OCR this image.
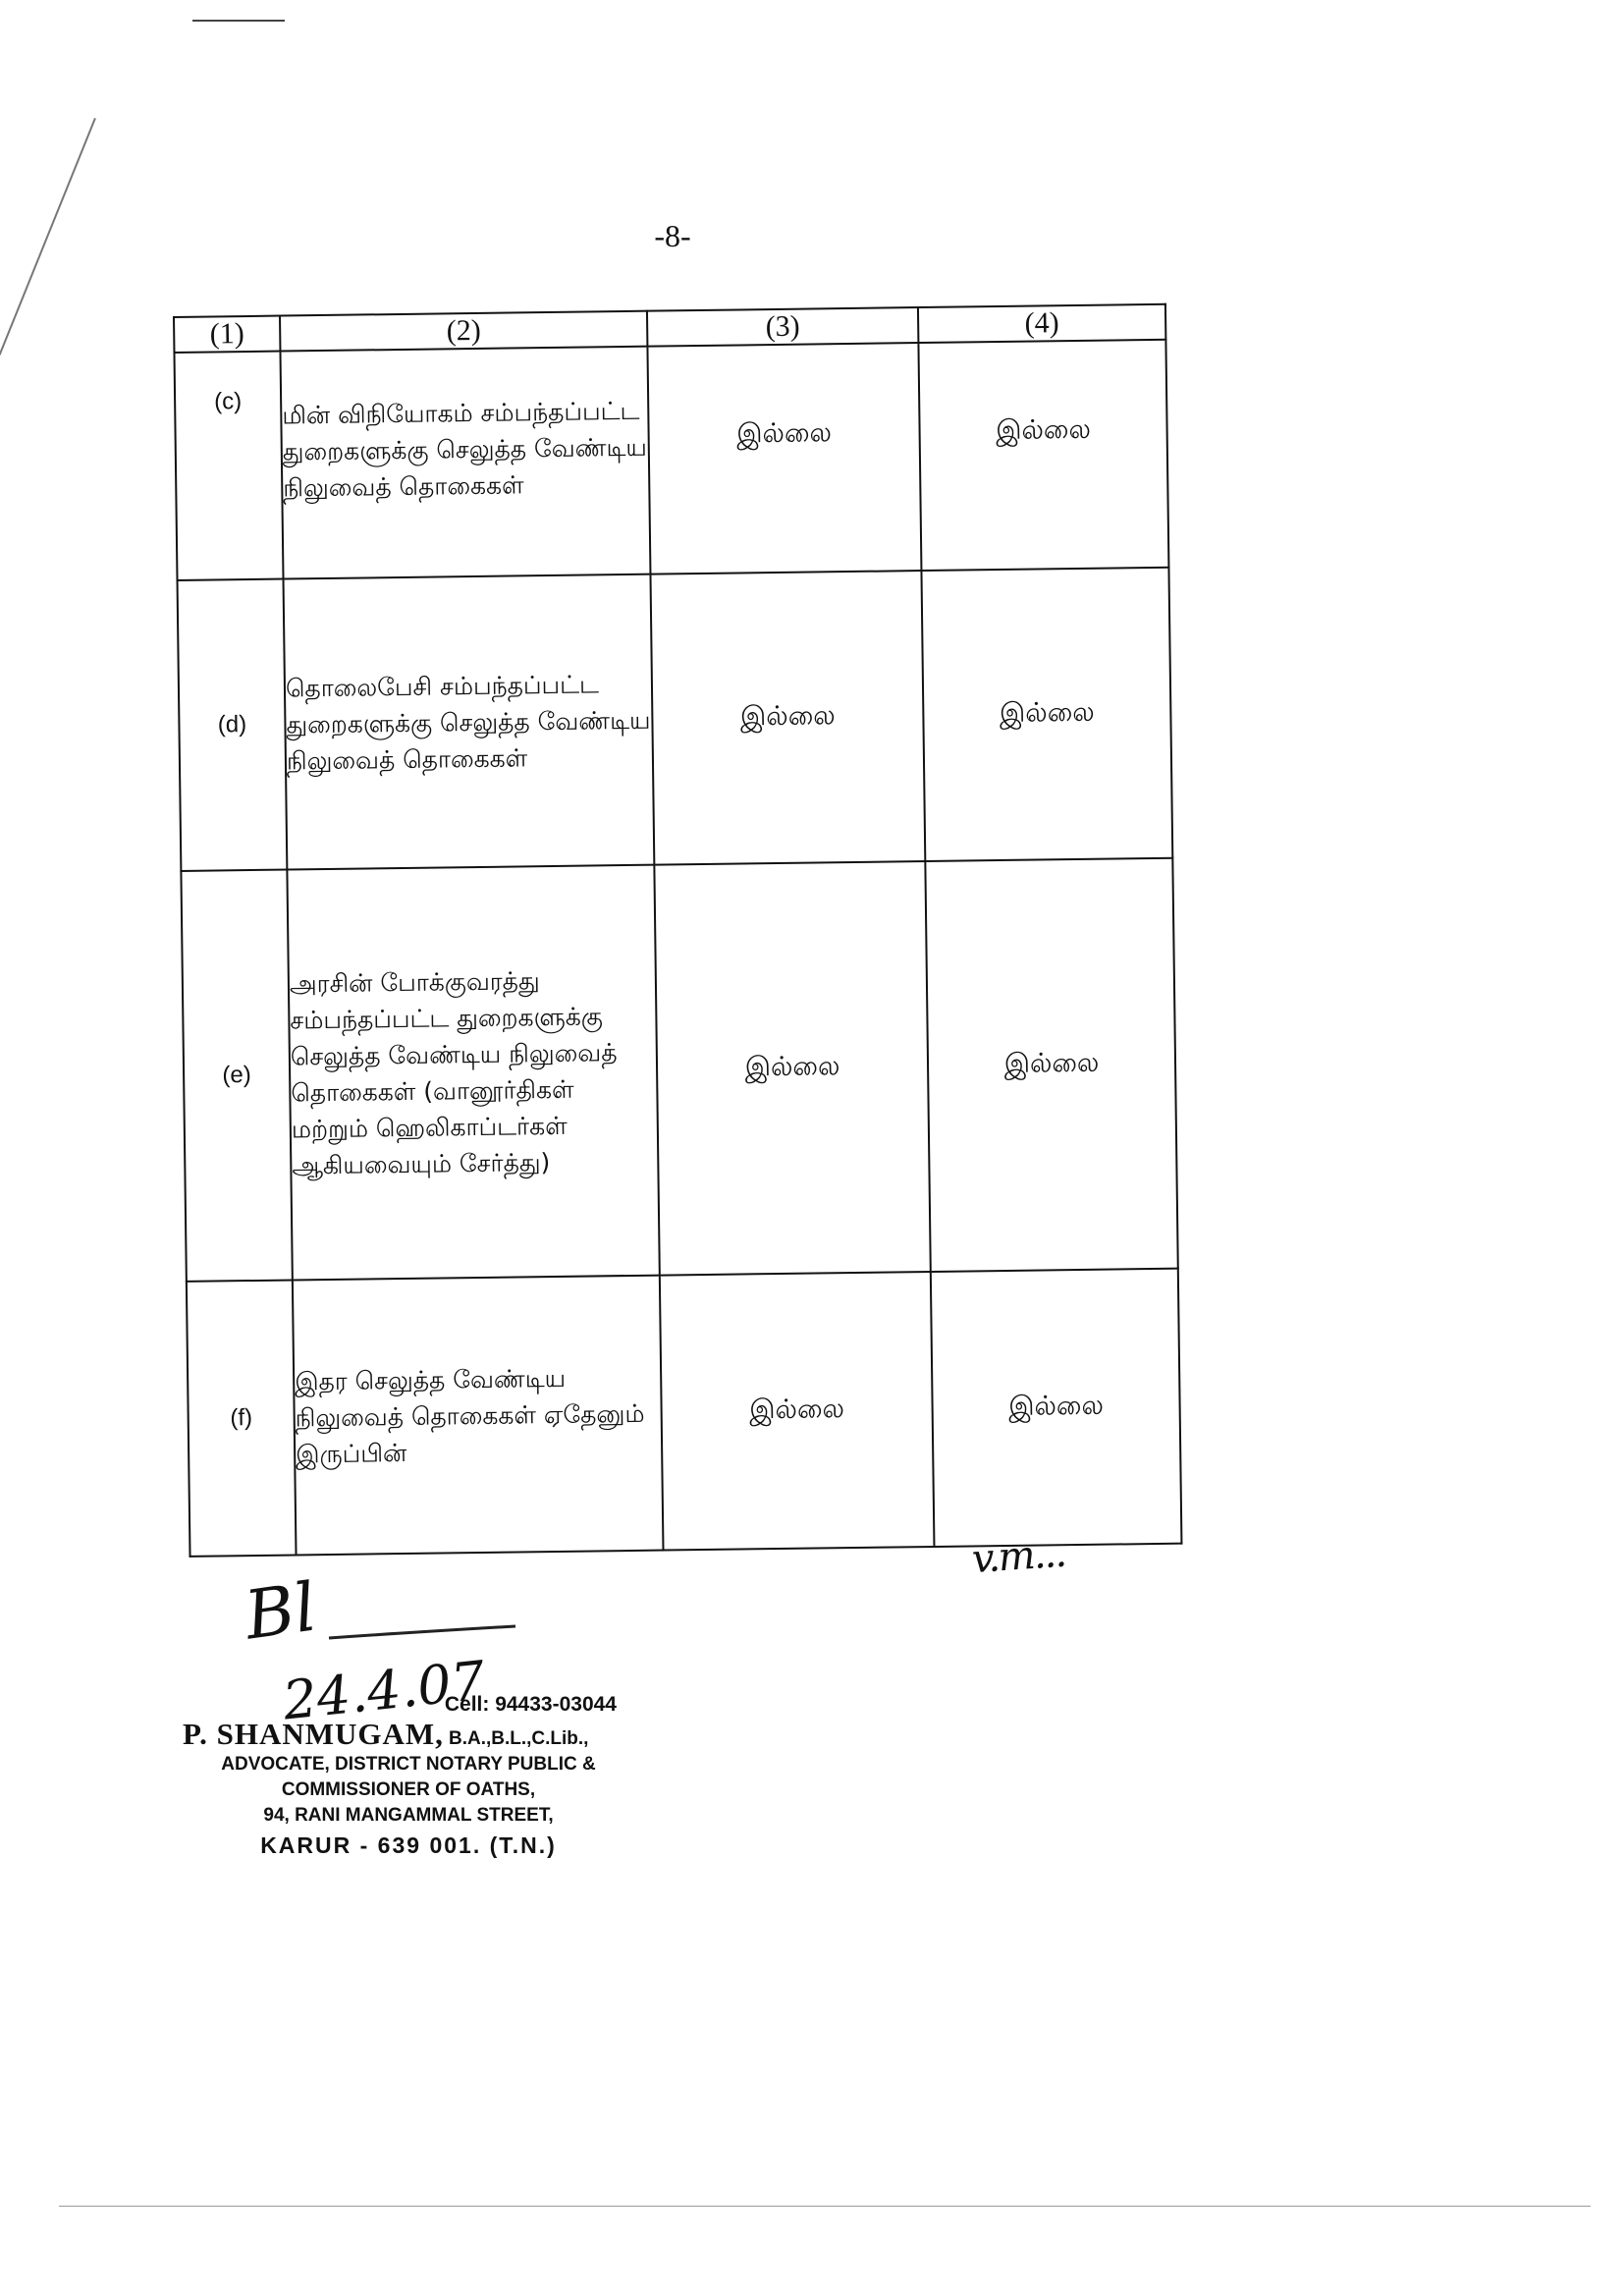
-8-
(1)	(2)	(3)	(4)
(c)	மின் விநியோகம் சம்பந்தப்பட்ட துறைகளுக்கு செலுத்த வேண்டிய நிலுவைத் தொகைகள்	இல்லை	இல்லை
(d)	தொலைபேசி சம்பந்தப்பட்ட துறைகளுக்கு செலுத்த வேண்டிய நிலுவைத் தொகைகள்	இல்லை	இல்லை
(e)	அரசின் போக்குவரத்து சம்பந்தப்பட்ட துறைகளுக்கு செலுத்த வேண்டிய நிலுவைத் தொகைகள் (வானூர்திகள் மற்றும் ஹெலிகாப்டர்கள் ஆகியவையும் சேர்த்து)	இல்லை	இல்லை
(f)	இதர செலுத்த வேண்டிய நிலுவைத் தொகைகள் ஏதேனும் இருப்பின்	இல்லை	இல்லை
v.m...
Bl
24.4.07
Cell: 94433-03044
P. SHANMUGAM, B.A.,B.L.,C.Lib.,
ADVOCATE, DISTRICT NOTARY PUBLIC &
COMMISSIONER OF OATHS,
94, RANI MANGAMMAL STREET,
KARUR - 639 001. (T.N.)
